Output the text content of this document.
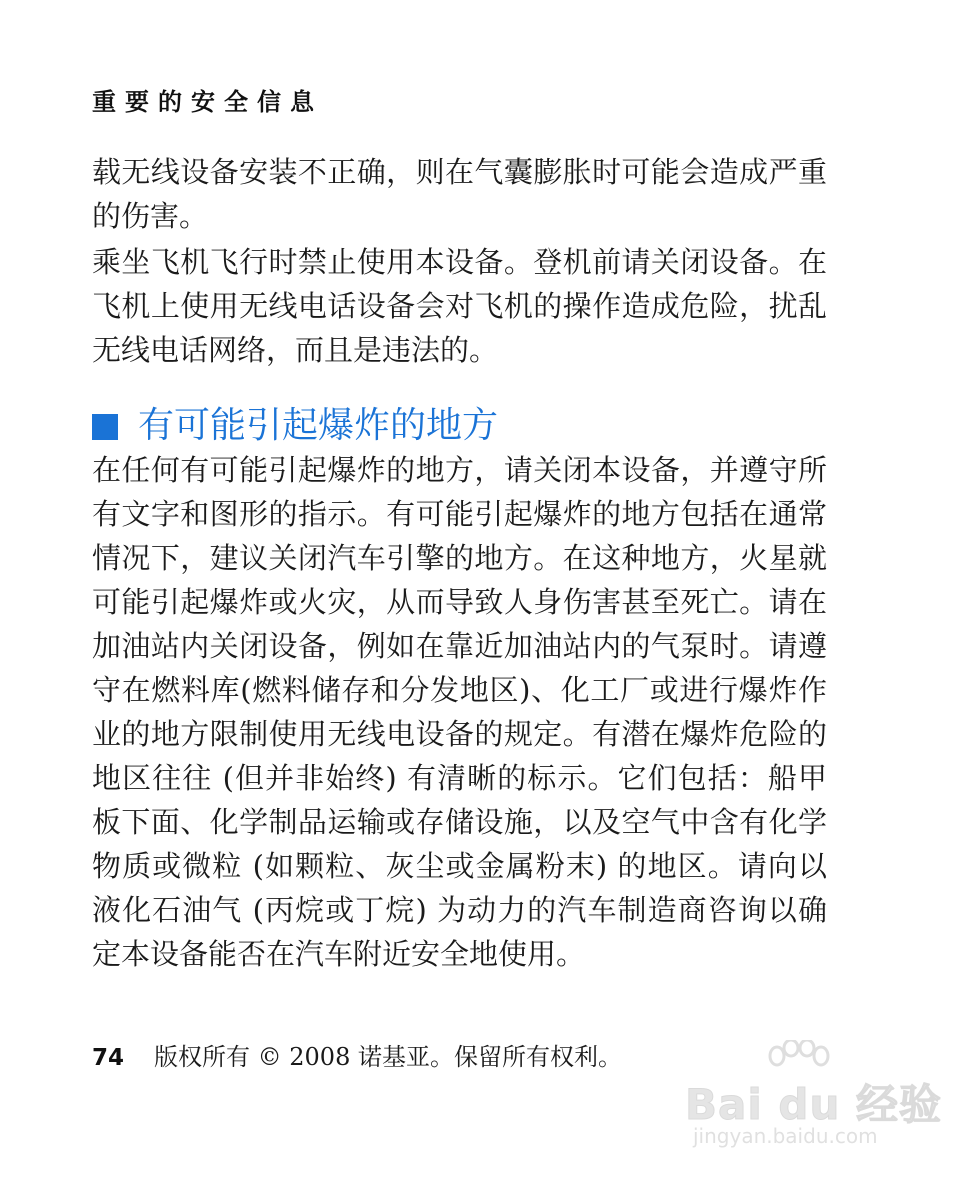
重要的安全信息

载无线设备安装不正确，则在气囊膨胀时可能会造成严重的伤害。

乘坐飞机飞行时禁止使用本设备。登机前请关闭设备。在飞机上使用无线电话设备会对飞机的操作造成危险，扰乱无线电话网络，而且是违法的。

有可能引起爆炸的地方

在任何有可能引起爆炸的地方，请关闭本设备，并遵守所有文字和图形的指示。有可能引起爆炸的地方包括在通常情况下，建议关闭汽车引擎的地方。在这种地方，火星就可能引起爆炸或火灾，从而导致人身伤害甚至死亡。请在加油站内关闭设备，例如在靠近加油站内的气泵时。请遵守在燃料库(燃料储存和分发地区)、化工厂或进行爆炸作业的地方限制使用无线电设备的规定。有潜在爆炸危险的地区往往 (但并非始终) 有清晰的标示。它们包括：船甲板下面、化学制品运输或存储设施，以及空气中含有化学物质或微粒 (如颗粒、灰尘或金属粉末) 的地区。请向以液化石油气 (丙烷或丁烷) 为动力的汽车制造商咨询以确定本设备能否在汽车附近安全地使用。

74 版权所有 © 2008 诺基亚。保留所有权利。
Bai du 经验
jingyan.baidu.com
